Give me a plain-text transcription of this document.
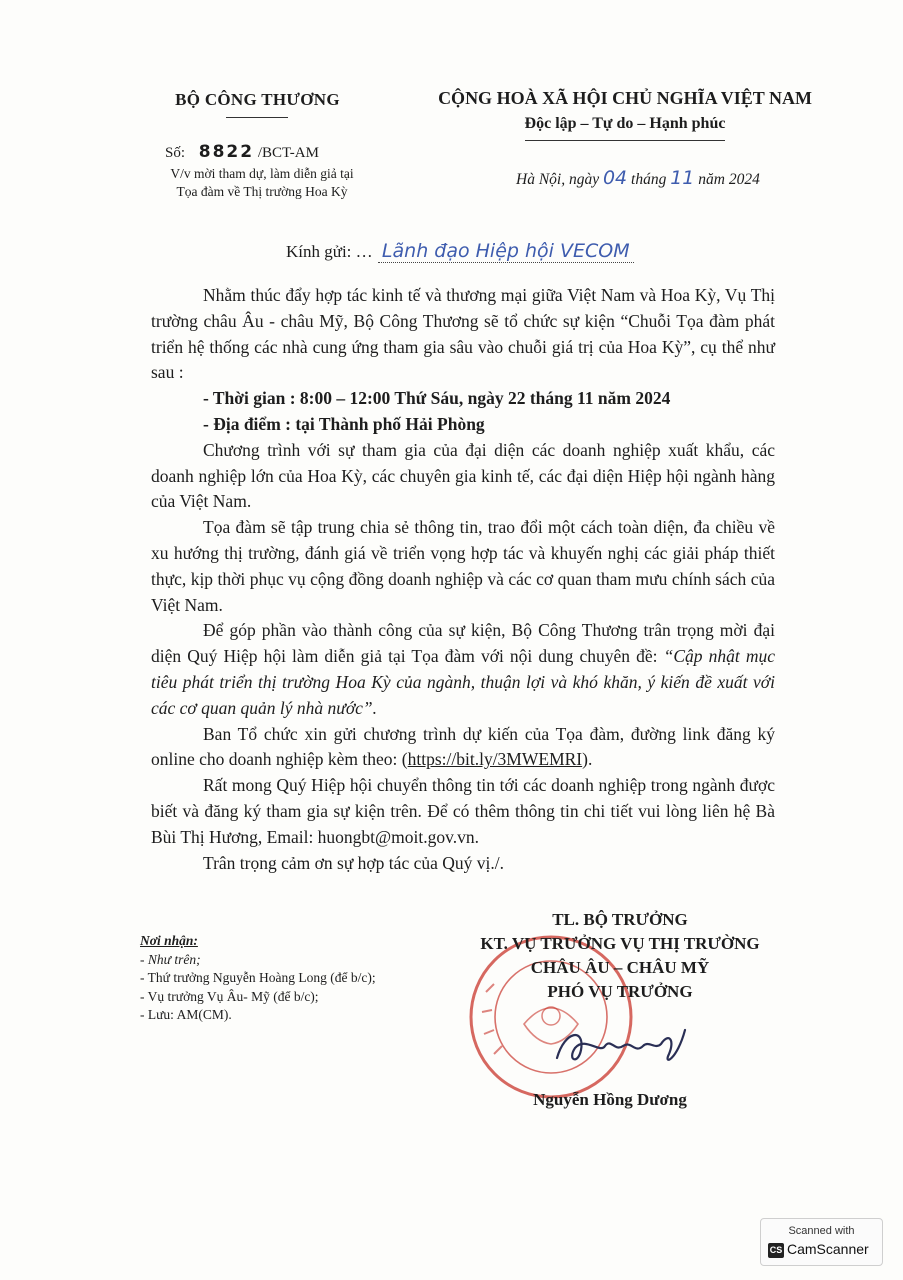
BỘ CÔNG THƯƠNG
Số: 8822 /BCT-AM
V/v mời tham dự, làm diễn giả tại
Tọa đàm về Thị trường Hoa Kỳ
CỘNG HOÀ XÃ HỘI CHỦ NGHĨA VIỆT NAM
Độc lập – Tự do – Hạnh phúc
Hà Nội, ngày 04 tháng 11 năm 2024
Kính gửi: … Lãnh đạo Hiệp hội VECOM

Nhằm thúc đẩy hợp tác kinh tế và thương mại giữa Việt Nam và Hoa Kỳ, Vụ Thị trường châu Âu - châu Mỹ, Bộ Công Thương sẽ tổ chức sự kiện “Chuỗi Tọa đàm phát triển hệ thống các nhà cung ứng tham gia sâu vào chuỗi giá trị của Hoa Kỳ”, cụ thể như sau :

- Thời gian : 8:00 – 12:00 Thứ Sáu, ngày 22 tháng 11 năm 2024

- Địa điểm : tại Thành phố Hải Phòng

Chương trình với sự tham gia của đại diện các doanh nghiệp xuất khẩu, các doanh nghiệp lớn của Hoa Kỳ, các chuyên gia kinh tế, các đại diện Hiệp hội ngành hàng của Việt Nam.

Tọa đàm sẽ tập trung chia sẻ thông tin, trao đổi một cách toàn diện, đa chiều về xu hướng thị trường, đánh giá về triển vọng hợp tác và khuyến nghị các giải pháp thiết thực, kịp thời phục vụ cộng đồng doanh nghiệp và các cơ quan tham mưu chính sách của Việt Nam.

Để góp phần vào thành công của sự kiện, Bộ Công Thương trân trọng mời đại diện Quý Hiệp hội làm diễn giả tại Tọa đàm với nội dung chuyên đề: “Cập nhật mục tiêu phát triển thị trường Hoa Kỳ của ngành, thuận lợi và khó khăn, ý kiến đề xuất với các cơ quan quản lý nhà nước”.

Ban Tổ chức xin gửi chương trình dự kiến của Tọa đàm, đường link đăng ký online cho doanh nghiệp kèm theo: (https://bit.ly/3MWEMRI).

Rất mong Quý Hiệp hội chuyển thông tin tới các doanh nghiệp trong ngành được biết và đăng ký tham gia sự kiện trên. Để có thêm thông tin chi tiết vui lòng liên hệ Bà Bùi Thị Hương, Email: huongbt@moit.gov.vn.

Trân trọng cảm ơn sự hợp tác của Quý vị./.

Nơi nhận:
- Như trên;
- Thứ trưởng Nguyễn Hoàng Long (để b/c);
- Vụ trưởng Vụ Âu- Mỹ (để b/c);
- Lưu: AM(CM).
TL. BỘ TRƯỞNG
KT. VỤ TRƯỞNG VỤ THỊ TRƯỜNG
CHÂU ÂU – CHÂU MỸ
PHÓ VỤ TRƯỞNG
Nguyễn Hồng Dương
Scanned with
CS CamScanner
